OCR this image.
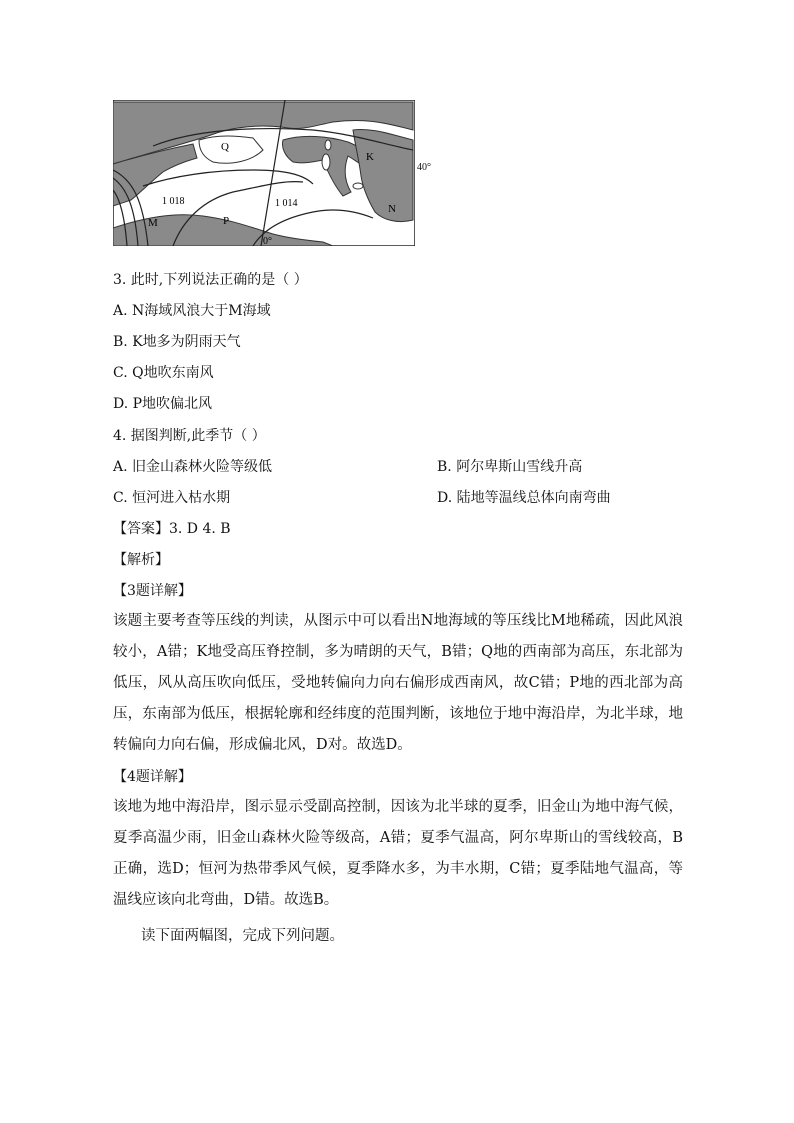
Q
K
M
N
P
1 018	1 014
0°
40°
3. 此时,下列说法正确的是（ ）
A. N海域风浪大于M海域
B. K地多为阴雨天气
C. Q地吹东南风
D. P地吹偏北风
4. 据图判断,此季节（ ）
A. 旧金山森林火险等级低	B. 阿尔卑斯山雪线升高
C. 恒河进入枯水期	D. 陆地等温线总体向南弯曲
【答案】3. D 4. B
【解析】
【3题详解】
该题主要考查等压线的判读，从图示中可以看出N地海域的等压线比M地稀疏，因此风浪较小，A错；K地受高压脊控制，多为晴朗的天气，B错；Q地的西南部为高压，东北部为低压，风从高压吹向低压，受地转偏向力向右偏形成西南风，故C错；P地的西北部为高压，东南部为低压，根据轮廓和经纬度的范围判断，该地位于地中海沿岸，为北半球，地转偏向力向右偏，形成偏北风，D对。故选D。
【4题详解】
该地为地中海沿岸，图示显示受副高控制，因该为北半球的夏季，旧金山为地中海气候，夏季高温少雨，旧金山森林火险等级高，A错；夏季气温高，阿尔卑斯山的雪线较高，B正确，选D；恒河为热带季风气候，夏季降水多，为丰水期，C错；夏季陆地气温高，等温线应该向北弯曲，D错。故选B。
读下面两幅图，完成下列问题。
